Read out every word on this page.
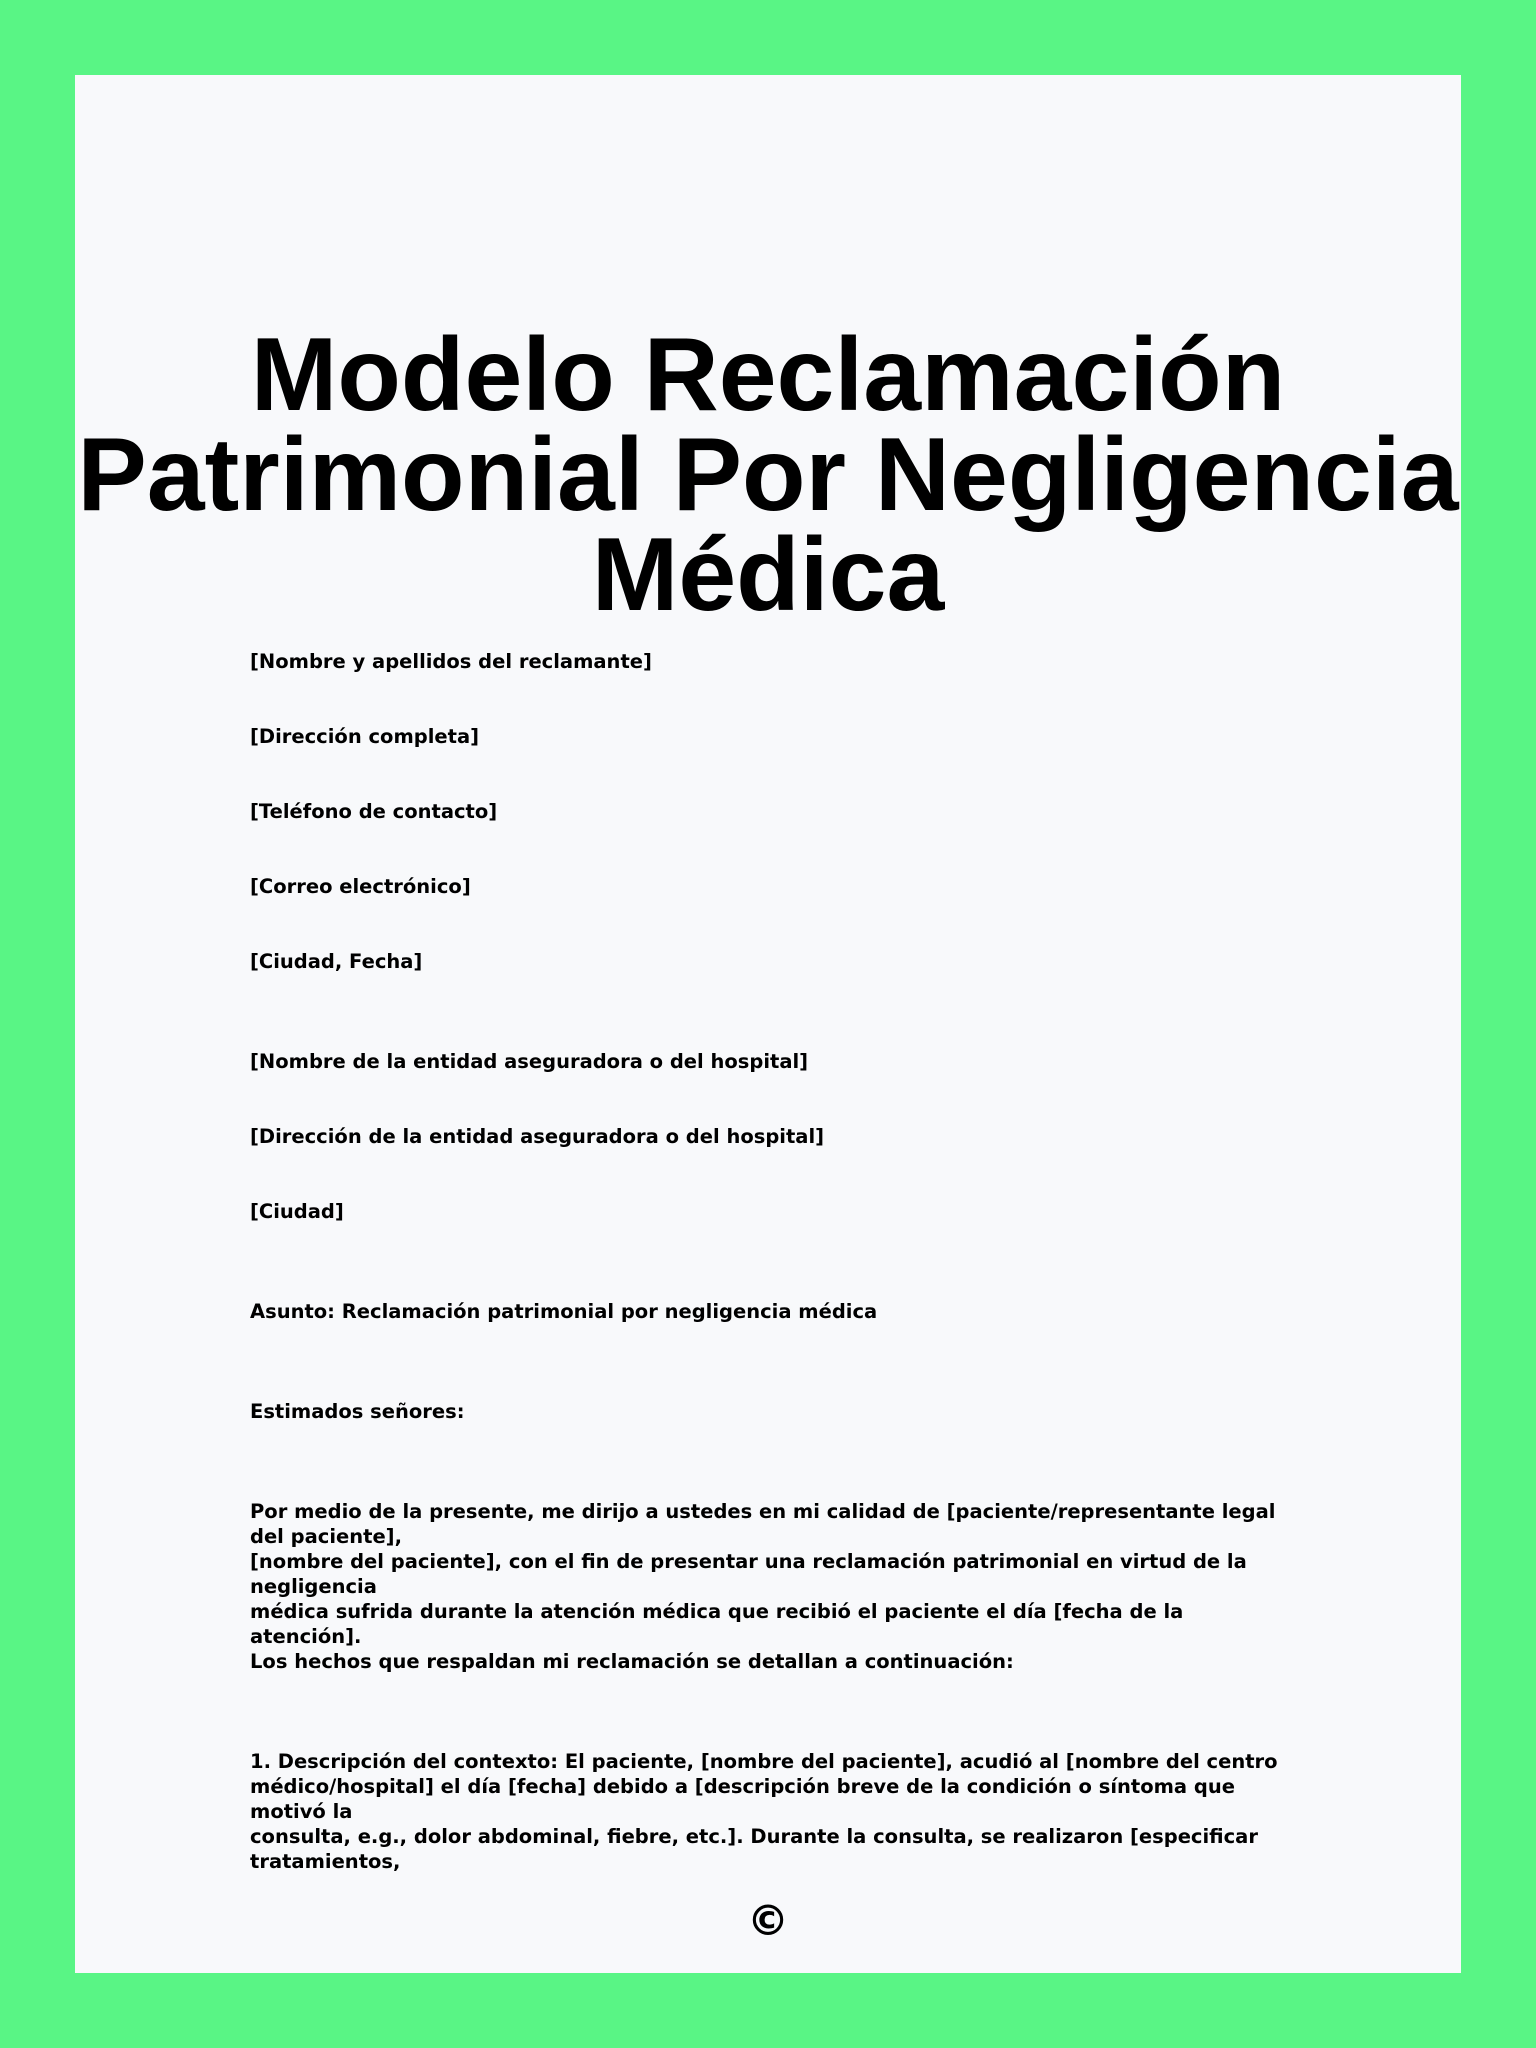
Modelo Reclamación
Patrimonial Por Negligencia
Médica
[Nombre y apellidos del reclamante]
[Dirección completa]
[Teléfono de contacto]
[Correo electrónico]
[Ciudad, Fecha]
[Nombre de la entidad aseguradora o del hospital]
[Dirección de la entidad aseguradora o del hospital]
[Ciudad]
Asunto: Reclamación patrimonial por negligencia médica
Estimados señores:
Por medio de la presente, me dirijo a ustedes en mi calidad de [paciente/representante legal del paciente],
[nombre del paciente], con el fin de presentar una reclamación patrimonial en virtud de la negligencia
médica sufrida durante la atención médica que recibió el paciente el día [fecha de la atención].
Los hechos que respaldan mi reclamación se detallan a continuación:
1. Descripción del contexto: El paciente, [nombre del paciente], acudió al [nombre del centro
médico/hospital] el día [fecha] debido a [descripción breve de la condición o síntoma que motivó la
consulta, e.g., dolor abdominal, fiebre, etc.]. Durante la consulta, se realizaron [especificar tratamientos,
©
